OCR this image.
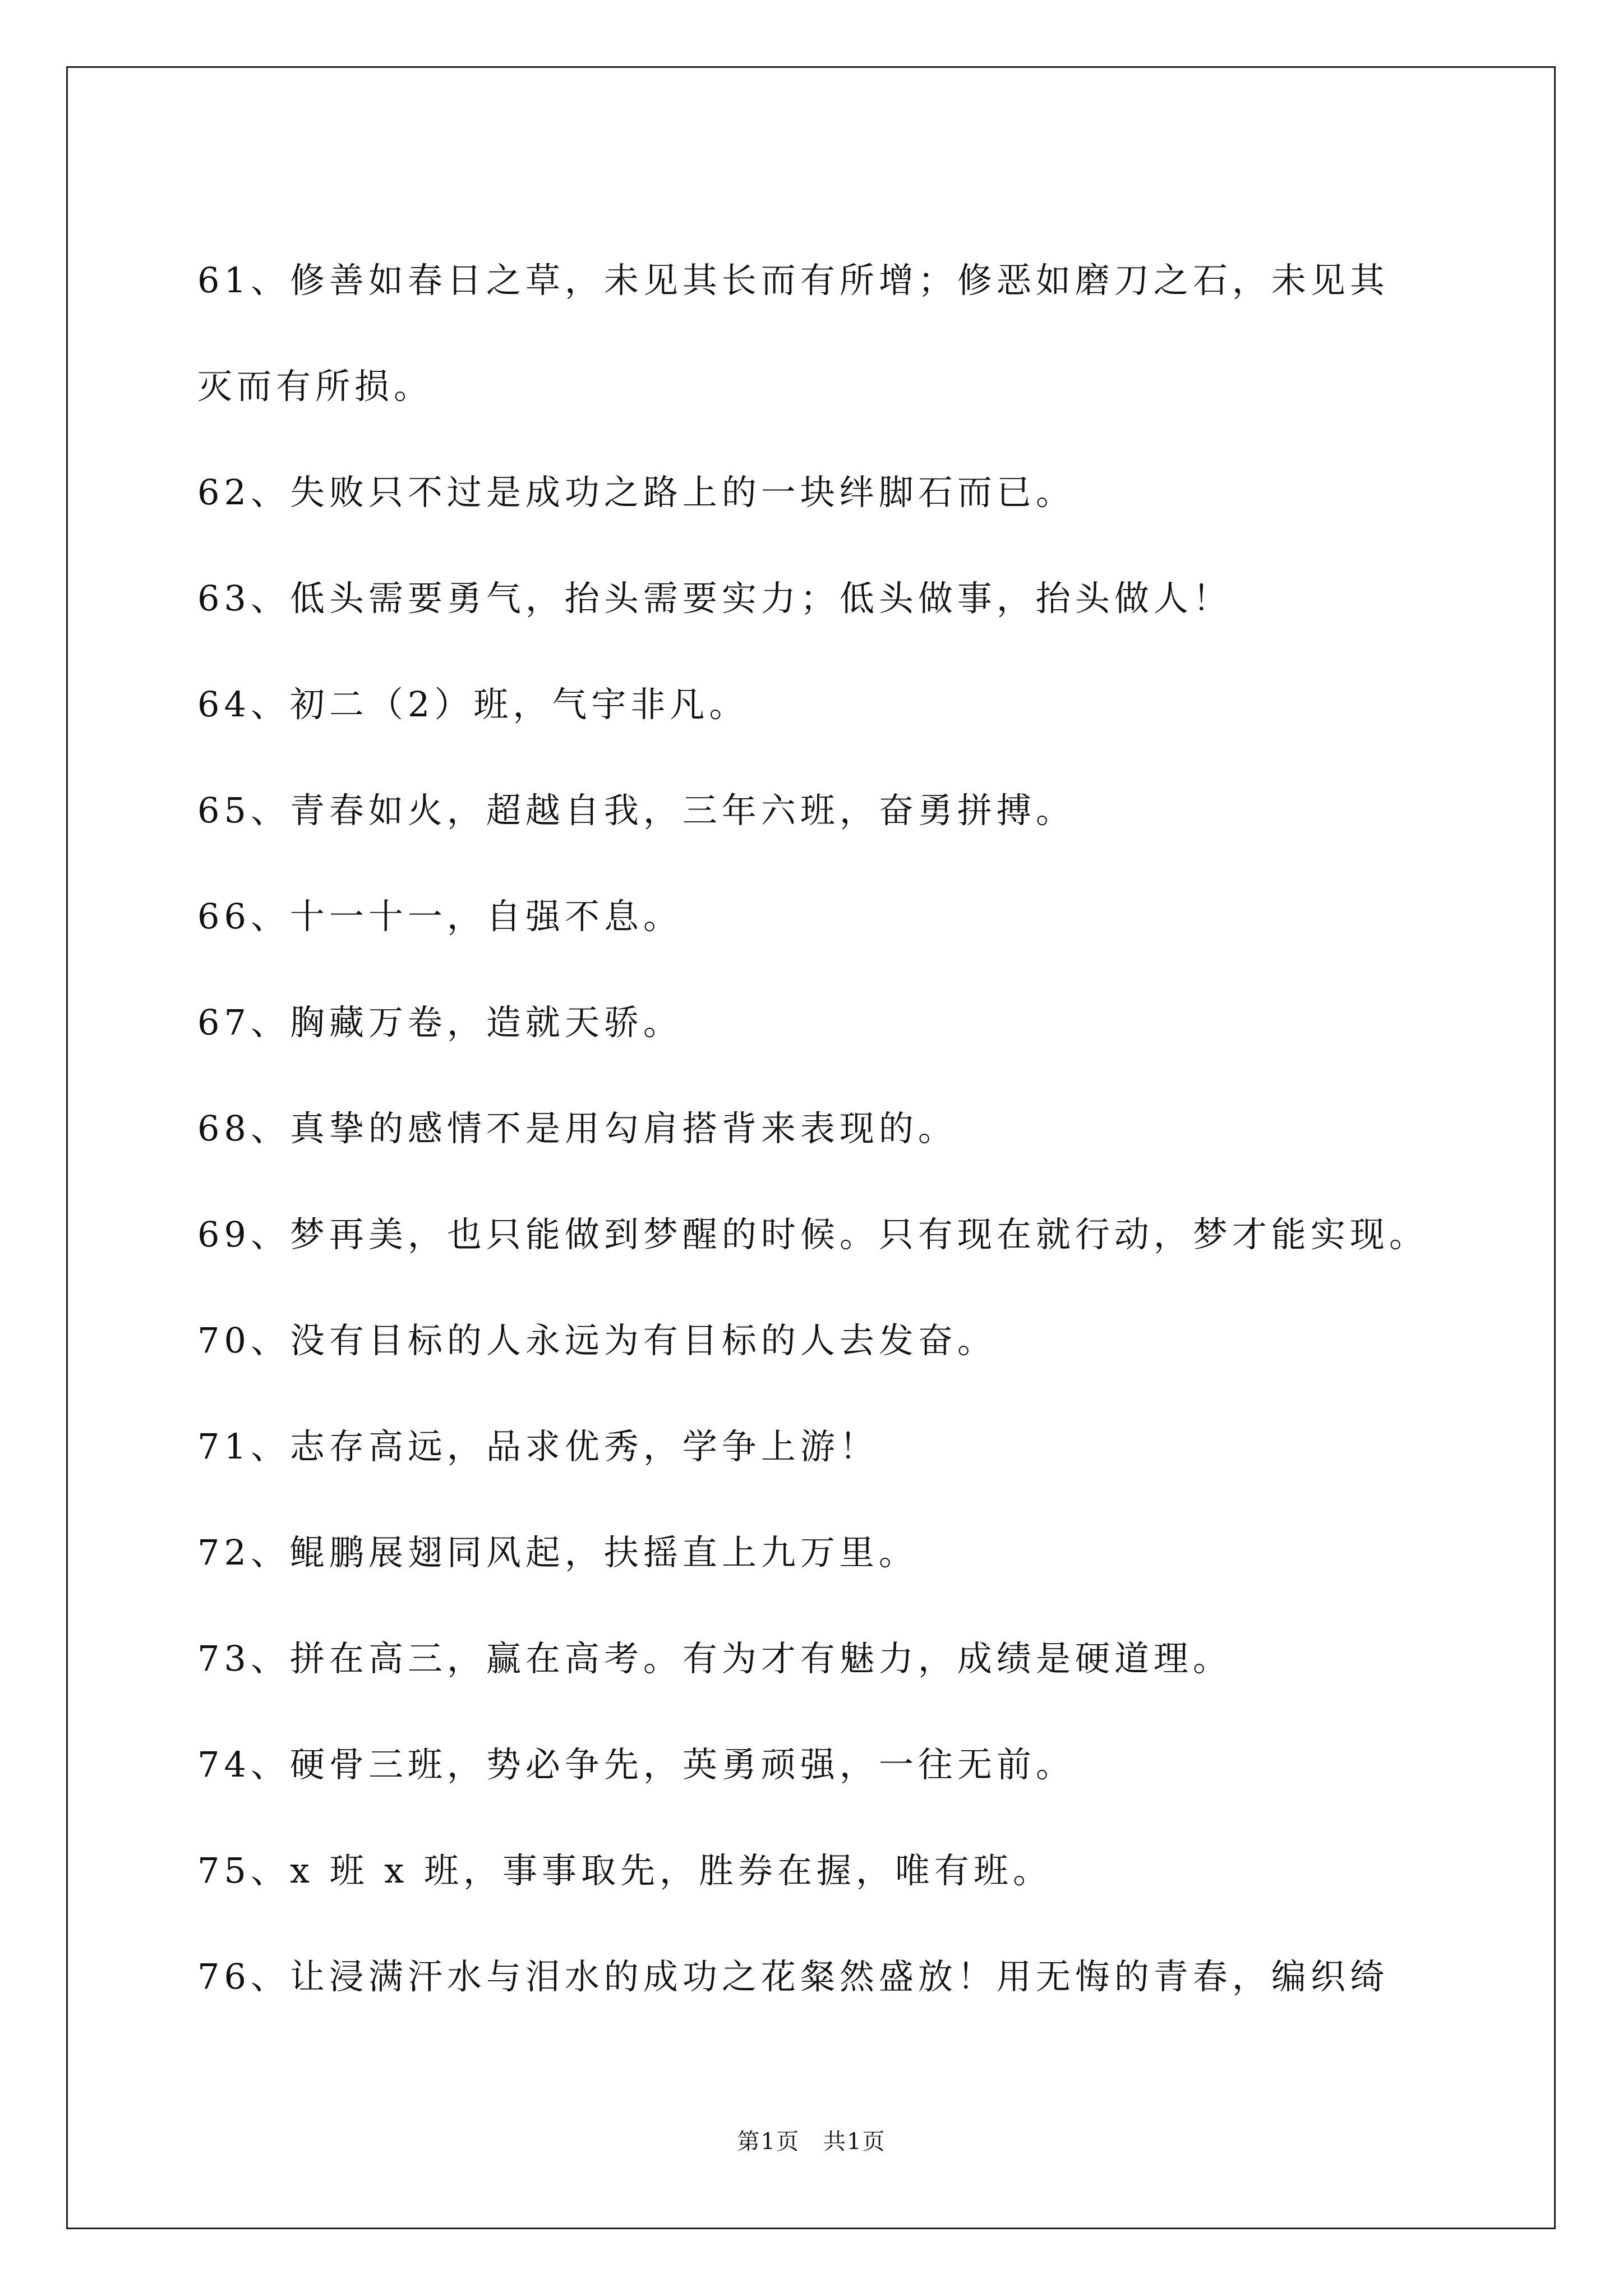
61、修善如春日之草，未见其长而有所增；修恶如磨刀之石，未见其
灭而有所损。
62、失败只不过是成功之路上的一块绊脚石而已。
63、低头需要勇气，抬头需要实力；低头做事，抬头做人！
64、初二（2）班，气宇非凡。
65、青春如火，超越自我，三年六班，奋勇拼搏。
66、十一十一，自强不息。
67、胸藏万卷，造就天骄。
68、真挚的感情不是用勾肩搭背来表现的。
69、梦再美，也只能做到梦醒的时候。只有现在就行动，梦才能实现。
70、没有目标的人永远为有目标的人去发奋。
71、志存高远，品求优秀，学争上游！
72、鲲鹏展翅同风起，扶摇直上九万里。
73、拼在高三，赢在高考。有为才有魅力，成绩是硬道理。
74、硬骨三班，势必争先，英勇顽强，一往无前。
75、x 班 x 班，事事取先，胜券在握，唯有班。
76、让浸满汗水与泪水的成功之花粲然盛放！用无悔的青春，编织绮
第1页　共1页
